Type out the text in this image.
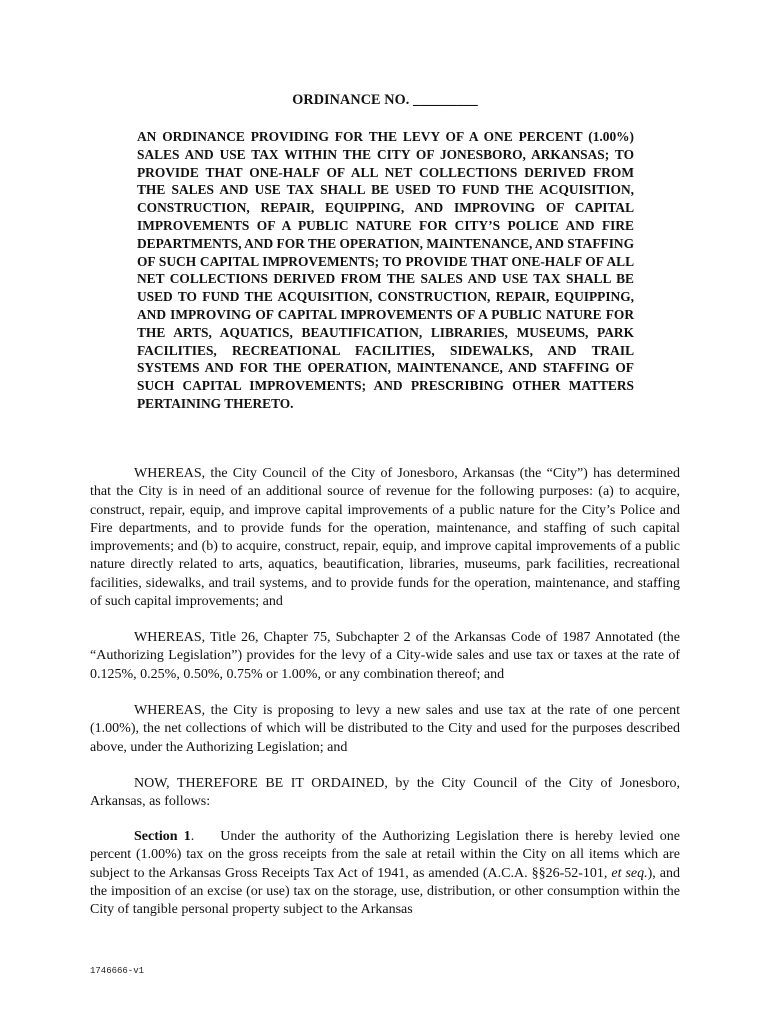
ORDINANCE NO. _________

AN ORDINANCE PROVIDING FOR THE LEVY OF A ONE PERCENT (1.00%) SALES AND USE TAX WITHIN THE CITY OF JONESBORO, ARKANSAS; TO PROVIDE THAT ONE-HALF OF ALL NET COLLECTIONS DERIVED FROM THE SALES AND USE TAX SHALL BE USED TO FUND THE ACQUISITION, CONSTRUCTION, REPAIR, EQUIPPING, AND IMPROVING OF CAPITAL IMPROVEMENTS OF A PUBLIC NATURE FOR CITY’S POLICE AND FIRE DEPARTMENTS, AND FOR THE OPERATION, MAINTENANCE, AND STAFFING OF SUCH CAPITAL IMPROVEMENTS; TO PROVIDE THAT ONE-HALF OF ALL NET COLLECTIONS DERIVED FROM THE SALES AND USE TAX SHALL BE USED TO FUND THE ACQUISITION, CONSTRUCTION, REPAIR, EQUIPPING, AND IMPROVING OF CAPITAL IMPROVEMENTS OF A PUBLIC NATURE FOR THE ARTS, AQUATICS, BEAUTIFICATION, LIBRARIES, MUSEUMS, PARK FACILITIES, RECREATIONAL FACILITIES, SIDEWALKS, AND TRAIL SYSTEMS AND FOR THE OPERATION, MAINTENANCE, AND STAFFING OF SUCH CAPITAL IMPROVEMENTS; AND PRESCRIBING OTHER MATTERS PERTAINING THERETO.

WHEREAS, the City Council of the City of Jonesboro, Arkansas (the “City”) has determined that the City is in need of an additional source of revenue for the following purposes: (a) to acquire, construct, repair, equip, and improve capital improvements of a public nature for the City’s Police and Fire departments, and to provide funds for the operation, maintenance, and staffing of such capital improvements; and (b) to acquire, construct, repair, equip, and improve capital improvements of a public nature directly related to arts, aquatics, beautification, libraries, museums, park facilities, recreational facilities, sidewalks, and trail systems, and to provide funds for the operation, maintenance, and staffing of such capital improvements; and

WHEREAS, Title 26, Chapter 75, Subchapter 2 of the Arkansas Code of 1987 Annotated (the “Authorizing Legislation”) provides for the levy of a City-wide sales and use tax or taxes at the rate of 0.125%, 0.25%, 0.50%, 0.75% or 1.00%, or any combination thereof; and

WHEREAS, the City is proposing to levy a new sales and use tax at the rate of one percent (1.00%), the net collections of which will be distributed to the City and used for the purposes described above, under the Authorizing Legislation; and

NOW, THEREFORE BE IT ORDAINED, by the City Council of the City of Jonesboro, Arkansas, as follows:

Section 1. Under the authority of the Authorizing Legislation there is hereby levied one percent (1.00%) tax on the gross receipts from the sale at retail within the City on all items which are subject to the Arkansas Gross Receipts Tax Act of 1941, as amended (A.C.A. §§26-52-101, et seq.), and the imposition of an excise (or use) tax on the storage, use, distribution, or other consumption within the City of tangible personal property subject to the Arkansas

1746666-v1
